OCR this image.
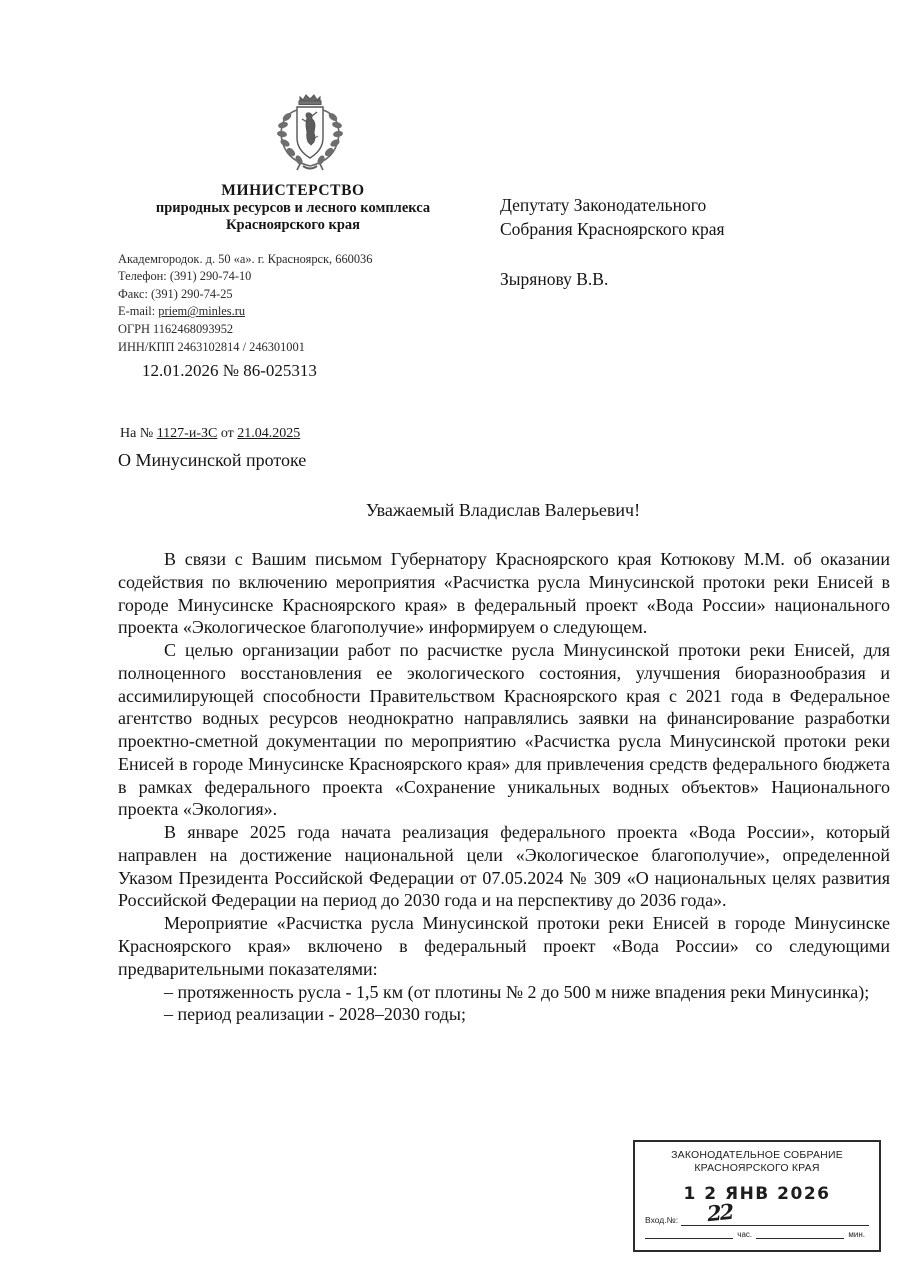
МИНИСТЕРСТВО
природных ресурсов и лесного комплекса
Красноярского края
Академгородок. д. 50 «а». г. Красноярск, 660036
Телефон: (391) 290-74-10
Факс: (391) 290-74-25
E-mail: priem@minles.ru
ОГРН 1162468093952
ИНН/КПП 2463102814 / 246301001
12.01.2026 № 86-025313
Депутату Законодательного
Собрания Красноярского края
Зырянову В.В.
На № 1127-и-ЗС от 21.04.2025
О Минусинской протоке
Уважаемый Владислав Валерьевич!

В связи с Вашим письмом Губернатору Красноярского края Котюкову М.М. об оказании содействия по включению мероприятия «Расчистка русла Минусинской протоки реки Енисей в городе Минусинске Красноярского края» в федеральный проект «Вода России» национального проекта «Экологическое благополучие» информируем о следующем.

С целью организации работ по расчистке русла Минусинской протоки реки Енисей, для полноценного восстановления ее экологического состояния, улучшения биоразнообразия и ассимилирующей способности Правительством Красноярского края с 2021 года в Федеральное агентство водных ресурсов неоднократно направлялись заявки на финансирование разработки проектно-сметной документации по мероприятию «Расчистка русла Минусинской протоки реки Енисей в городе Минусинске Красноярского края» для привлечения средств федерального бюджета в рамках федерального проекта «Сохранение уникальных водных объектов» Национального проекта «Экология».

В январе 2025 года начата реализация федерального проекта «Вода России», который направлен на достижение национальной цели «Экологическое благополучие», определенной Указом Президента Российской Федерации от 07.05.2024 № 309 «О национальных целях развития Российской Федерации на период до 2030 года и на перспективу до 2036 года».

Мероприятие «Расчистка русла Минусинской протоки реки Енисей в городе Минусинске Красноярского края» включено в федеральный проект «Вода России» со следующими предварительными показателями:

– протяженность русла - 1,5 км (от плотины № 2 до 500 м ниже впадения реки Минусинка);

– период реализации - 2028–2030 годы;

ЗАКОНОДАТЕЛЬНОЕ СОБРАНИЕ
КРАСНОЯРСКОГО КРАЯ
1 2 ЯНВ 2026
Вход.№: 22
час.	мин.
